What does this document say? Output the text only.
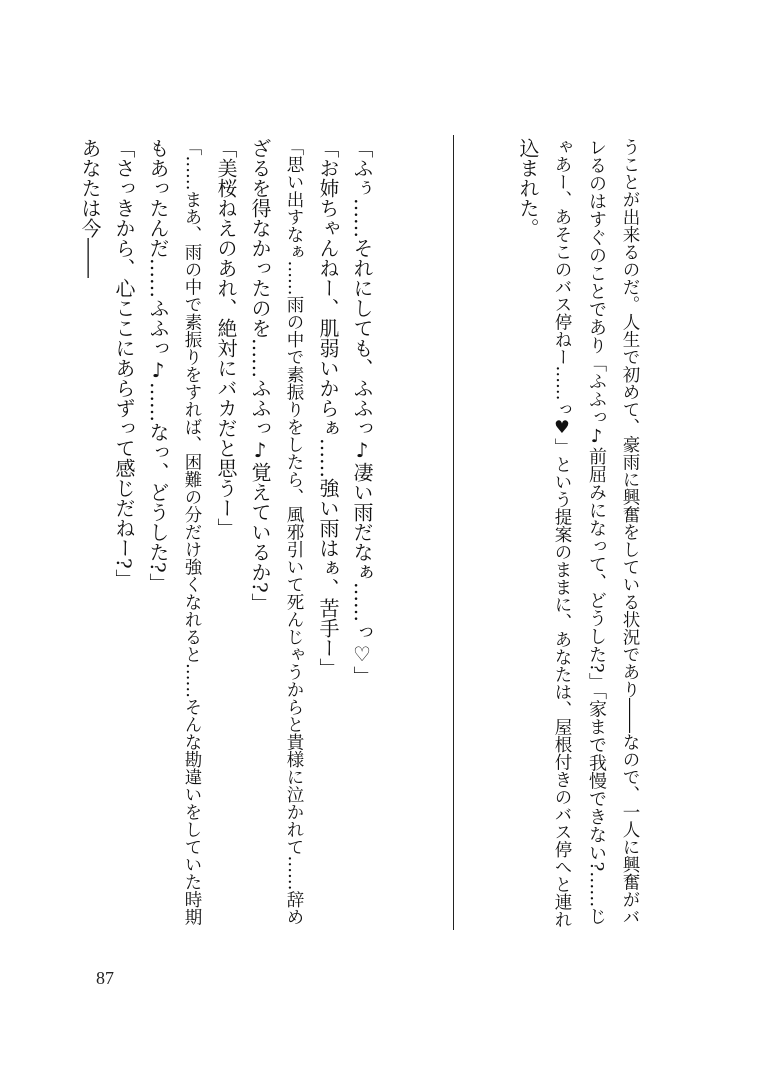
うことが出来るのだ。人生で初めて、豪雨に興奮をしている状況であり――なので、一人に興奮がバ
レるのはすぐのことであり「ふふっ♪前屈みになって、どうした?」「家まで我慢できない?……じ
ゃあー、あそこのバス停ねー……っ♥」という提案のままに、あなたは、屋根付きのバス停へと連れ
込まれた。
「ふぅ……それにしても、ふふっ♪凄い雨だなぁ……っ♡」
「お姉ちゃんねー、肌弱いからぁ……強い雨はぁ、苦手ー」
「思い出すなぁ……雨の中で素振りをしたら、風邪引いて死んじゃうからと貴様に泣かれて……辞め
ざるを得なかったのを……ふふっ♪覚えているか?」
「美桜ねえのあれ、絶対にバカだと思うー」
「……まあ、雨の中で素振りをすれば、困難の分だけ強くなれると……そんな勘違いをしていた時期
もあったんだ……ふふっ♪……なっ、どうした?」
「さっきから、心ここにあらずって感じだねー?」
あなたは今――
87
